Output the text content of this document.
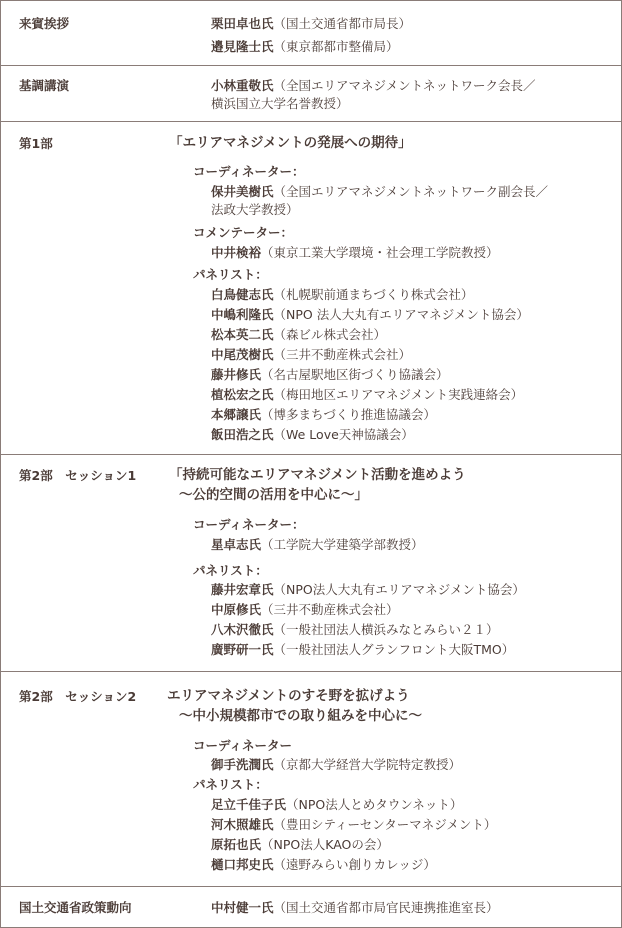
来賓挨拶	栗田卓也氏（国土交通省都市局長）
邉見隆士氏（東京都都市整備局）
基調講演	小林重敬氏（全国エリアマネジメントネットワーク会長／
横浜国立大学名誉教授）
第1部	「エリアマネジメントの発展への期待」
コーディネーター：
保井美樹氏（全国エリアマネジメントネットワーク副会長／
法政大学教授）
コメンテーター：
中井検裕（東京工業大学環境・社会理工学院教授）
パネリスト：
白鳥健志氏（札幌駅前通まちづくり株式会社）
中嶋利隆氏（NPO 法人大丸有エリアマネジメント協会）
松本英二氏（森ビル株式会社）
中尾茂樹氏（三井不動産株式会社）
藤井修氏（名古屋駅地区街づくり協議会）
植松宏之氏（梅田地区エリアマネジメント実践連絡会）
本郷譲氏（博多まちづくり推進協議会）
飯田浩之氏（We Love天神協議会）
第2部　セッション1 「持続可能なエリアマネジメント活動を進めよう
～公的空間の活用を中心に～」
コーディネーター：
星卓志氏（工学院大学建築学部教授）
パネリスト：
藤井宏章氏（NPO法人大丸有エリアマネジメント協会）
中原修氏（三井不動産株式会社）
八木沢徹氏（一般社団法人横浜みなとみらい２１）
廣野研一氏（一般社団法人グランフロント大阪TMO）
第2部　セッション2 エリアマネジメントのすそ野を拡げよう
～中小規模都市での取り組みを中心に～
コーディネーター
御手洗潤氏（京都大学経営大学院特定教授）
パネリスト：
足立千佳子氏（NPO法人とめタウンネット）
河木照雄氏（豊田シティーセンターマネジメント）
原拓也氏（NPO法人KAOの会）
樋口邦史氏（遠野みらい創りカレッジ）
国土交通省政策動向	中村健一氏（国土交通省都市局官民連携推進室長）
